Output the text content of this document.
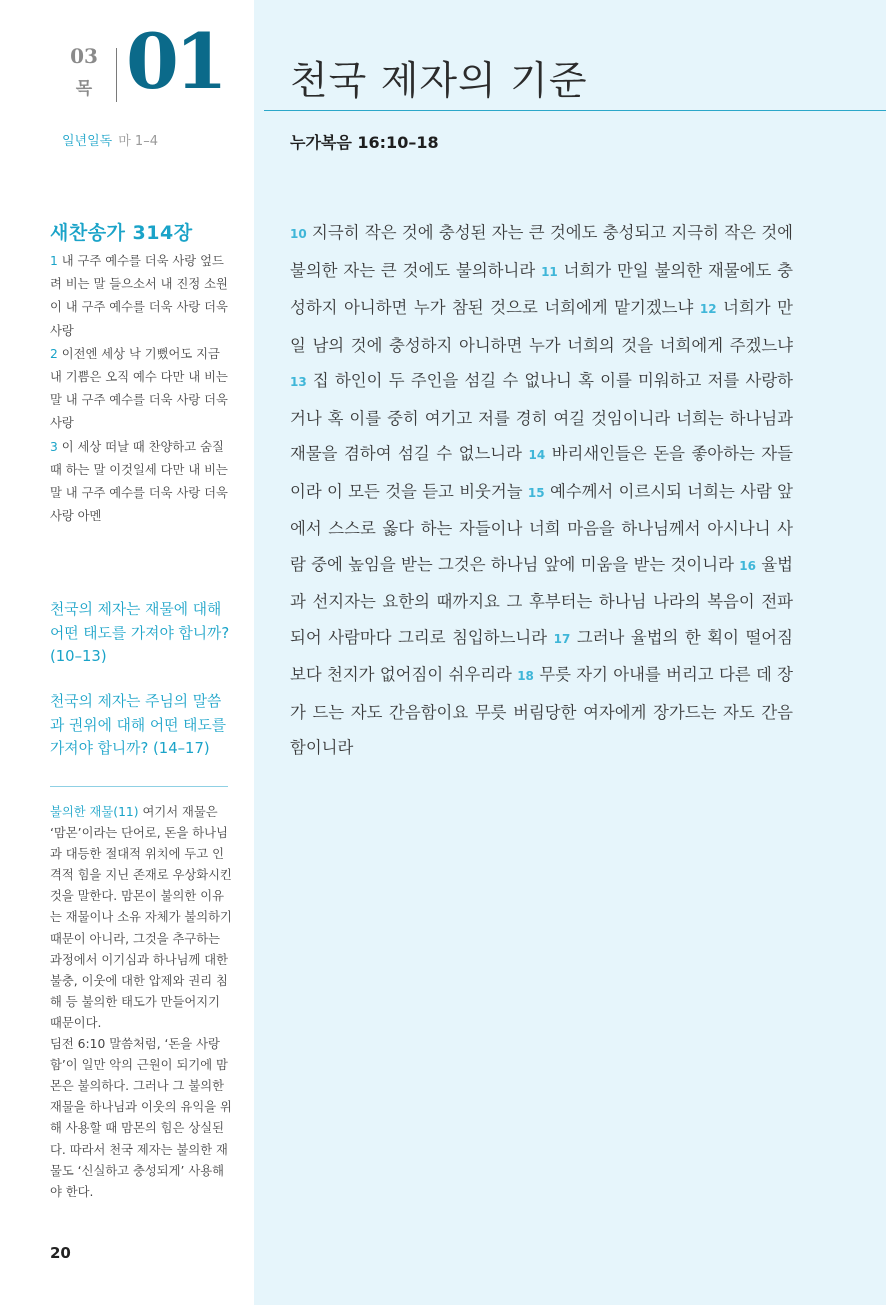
03
목 01
일년일독 마 1–4
새찬송가 314장

1 내 구주 예수를 더욱 사랑 엎드려 비는 말 들으소서 내 진정 소원이 내 구주 예수를 더욱 사랑 더욱 사랑

2 이전엔 세상 낙 기뻤어도 지금 내 기쁨은 오직 예수 다만 내 비는 말 내 구주 예수를 더욱 사랑 더욱 사랑

3 이 세상 떠날 때 찬양하고 숨질 때 하는 말 이것일세 다만 내 비는 말 내 구주 예수를 더욱 사랑 더욱 사랑 아멘

천국의 제자는 재물에 대해 어떤 태도를 가져야 합니까? (10–13)
천국의 제자는 주님의 말씀과 권위에 대해 어떤 태도를 가져야 합니까? (14–17)

불의한 재물(11) 여기서 재물은 ‘맘몬’이라는 단어로, 돈을 하나님과 대등한 절대적 위치에 두고 인격적 힘을 지닌 존재로 우상화시킨 것을 말한다. 맘몬이 불의한 이유는 재물이나 소유 자체가 불의하기 때문이 아니라, 그것을 추구하는 과정에서 이기심과 하나님께 대한 불충, 이웃에 대한 압제와 권리 침해 등 불의한 태도가 만들어지기 때문이다.

딤전 6:10 말씀처럼, ‘돈을 사랑함’이 일만 악의 근원이 되기에 맘몬은 불의하다. 그러나 그 불의한 재물을 하나님과 이웃의 유익을 위해 사용할 때 맘몬의 힘은 상실된다. 따라서 천국 제자는 불의한 재물도 ‘신실하고 충성되게’ 사용해야 한다.

20
천국 제자의 기준
누가복음 16:10–18

10 지극히 작은 것에 충성된 자는 큰 것에도 충성되고 지극히 작은 것에 불의한 자는 큰 것에도 불의하니라 11 너희가 만일 불의한 재물에도 충성하지 아니하면 누가 참된 것으로 너희에게 맡기겠느냐 12 너희가 만일 남의 것에 충성하지 아니하면 누가 너희의 것을 너희에게 주겠느냐 13 집 하인이 두 주인을 섬길 수 없나니 혹 이를 미워하고 저를 사랑하거나 혹 이를 중히 여기고 저를 경히 여길 것임이니라 너희는 하나님과 재물을 겸하여 섬길 수 없느니라 14 바리새인들은 돈을 좋아하는 자들이라 이 모든 것을 듣고 비웃거늘 15 예수께서 이르시되 너희는 사람 앞에서 스스로 옳다 하는 자들이나 너희 마음을 하나님께서 아시나니 사람 중에 높임을 받는 그것은 하나님 앞에 미움을 받는 것이니라 16 율법과 선지자는 요한의 때까지요 그 후부터는 하나님 나라의 복음이 전파되어 사람마다 그리로 침입하느니라 17 그러나 율법의 한 획이 떨어짐보다 천지가 없어짐이 쉬우리라 18 무릇 자기 아내를 버리고 다른 데 장가 드는 자도 간음함이요 무릇 버림당한 여자에게 장가드는 자도 간음함이니라
